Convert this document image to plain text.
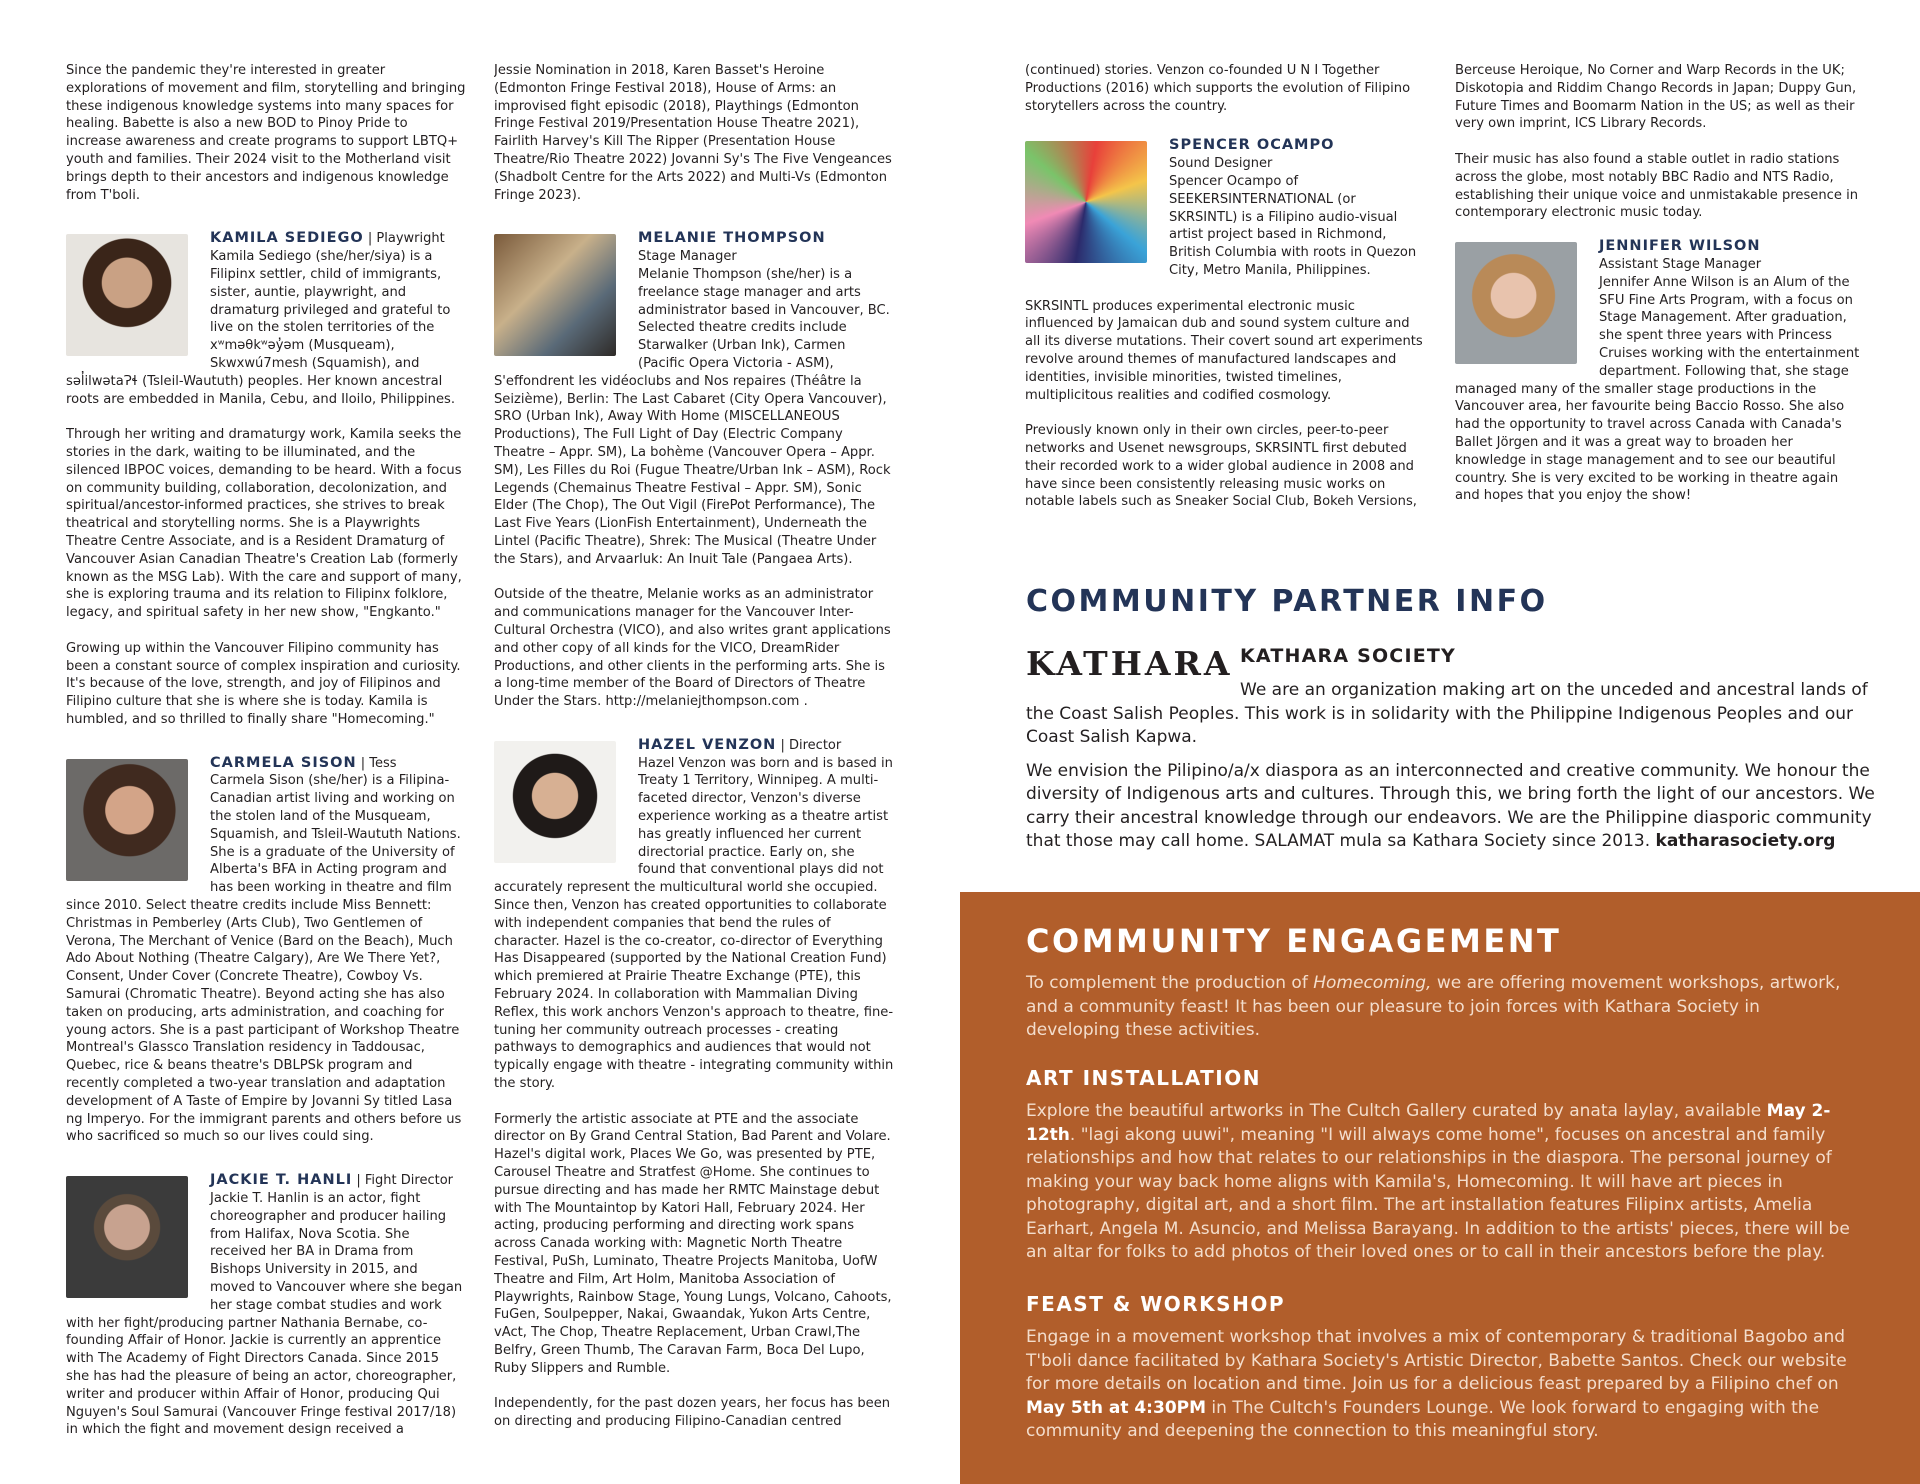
Since the pandemic they're interested in greater explorations of movement and film, storytelling and bringing these indigenous knowledge systems into many spaces for healing. Babette is also a new BOD to Pinoy Pride to increase awareness and create programs to support LBTQ+ youth and families. Their 2024 visit to the Motherland visit brings depth to their ancestors and indigenous knowledge from T'boli.

KAMILA SEDIEGO | Playwright

Kamila Sediego (she/her/siya) is a Filipinx settler, child of immigrants, sister, auntie, playwright, and dramaturg privileged and grateful to live on the stolen territories of the xʷməθkʷəy̓əm (Musqueam), Skwxwú7mesh (Squamish), and səl̓ilwətaɁɬ (Tsleil-Waututh) peoples. Her known ancestral roots are embedded in Manila, Cebu, and Iloilo, Philippines.

Through her writing and dramaturgy work, Kamila seeks the stories in the dark, waiting to be illuminated, and the silenced IBPOC voices, demanding to be heard. With a focus on community building, collaboration, decolonization, and spiritual/ancestor-informed practices, she strives to break theatrical and storytelling norms. She is a Playwrights Theatre Centre Associate, and is a Resident Dramaturg of Vancouver Asian Canadian Theatre's Creation Lab (formerly known as the MSG Lab). With the care and support of many, she is exploring trauma and its relation to Filipinx folklore, legacy, and spiritual safety in her new show, "Engkanto."

Growing up within the Vancouver Filipino community has been a constant source of complex inspiration and curiosity. It's because of the love, strength, and joy of Filipinos and Filipino culture that she is where she is today. Kamila is humbled, and so thrilled to finally share "Homecoming."

CARMELA SISON | Tess

Carmela Sison (she/her) is a Filipina-Canadian artist living and working on the stolen land of the Musqueam, Squamish, and Tsleil-Waututh Nations. She is a graduate of the University of Alberta's BFA in Acting program and has been working in theatre and film since 2010. Select theatre credits include Miss Bennett: Christmas in Pemberley (Arts Club), Two Gentlemen of Verona, The Merchant of Venice (Bard on the Beach), Much Ado About Nothing (Theatre Calgary), Are We There Yet?, Consent, Under Cover (Concrete Theatre), Cowboy Vs. Samurai (Chromatic Theatre). Beyond acting she has also taken on producing, arts administration, and coaching for young actors. She is a past participant of Workshop Theatre Montreal's Glassco Translation residency in Taddousac, Quebec, rice & beans theatre's DBLPSk program and recently completed a two-year translation and adaptation development of A Taste of Empire by Jovanni Sy titled Lasa ng Imperyo. For the immigrant parents and others before us who sacrificed so much so our lives could sing.

JACKIE T. HANLI | Fight Director

Jackie T. Hanlin is an actor, fight choreographer and producer hailing from Halifax, Nova Scotia. She received her BA in Drama from Bishops University in 2015, and moved to Vancouver where she began her stage combat studies and work with her fight/producing partner Nathania Bernabe, co-founding Affair of Honor. Jackie is currently an apprentice with The Academy of Fight Directors Canada. Since 2015 she has had the pleasure of being an actor, choreographer, writer and producer within Affair of Honor, producing Qui Nguyen's Soul Samurai (Vancouver Fringe festival 2017/18) in which the fight and movement design received a

Jessie Nomination in 2018, Karen Basset's Heroine (Edmonton Fringe Festival 2018), House of Arms: an improvised fight episodic (2018), Playthings (Edmonton Fringe Festival 2019/Presentation House Theatre 2021), Fairlith Harvey's Kill The Ripper (Presentation House Theatre/Rio Theatre 2022) Jovanni Sy's The Five Vengeances (Shadbolt Centre for the Arts 2022) and Multi-Vs (Edmonton Fringe 2023).

MELANIE THOMPSON
Stage Manager

Melanie Thompson (she/her) is a freelance stage manager and arts administrator based in Vancouver, BC. Selected theatre credits include Starwalker (Urban Ink), Carmen (Pacific Opera Victoria - ASM), S'effondrent les vidéoclubs and Nos repaires (Théâtre la Seizième), Berlin: The Last Cabaret (City Opera Vancouver), SRO (Urban Ink), Away With Home (MISCELLANEOUS Productions), The Full Light of Day (Electric Company Theatre – Appr. SM), La bohème (Vancouver Opera – Appr. SM), Les Filles du Roi (Fugue Theatre/Urban Ink – ASM), Rock Legends (Chemainus Theatre Festival – Appr. SM), Sonic Elder (The Chop), The Out Vigil (FirePot Performance), The Last Five Years (LionFish Entertainment), Underneath the Lintel (Pacific Theatre), Shrek: The Musical (Theatre Under the Stars), and Arvaarluk: An Inuit Tale (Pangaea Arts).

Outside of the theatre, Melanie works as an administrator and communications manager for the Vancouver Inter-Cultural Orchestra (VICO), and also writes grant applications and other copy of all kinds for the VICO, DreamRider Productions, and other clients in the performing arts. She is a long-time member of the Board of Directors of Theatre Under the Stars. http://melaniejthompson.com .

HAZEL VENZON | Director

Hazel Venzon was born and is based in Treaty 1 Territory, Winnipeg. A multi-faceted director, Venzon's diverse experience working as a theatre artist has greatly influenced her current directorial practice. Early on, she found that conventional plays did not accurately represent the multicultural world she occupied. Since then, Venzon has created opportunities to collaborate with independent companies that bend the rules of character. Hazel is the co-creator, co-director of Everything Has Disappeared (supported by the National Creation Fund) which premiered at Prairie Theatre Exchange (PTE), this February 2024. In collaboration with Mammalian Diving Reflex, this work anchors Venzon's approach to theatre, fine-tuning her community outreach processes - creating pathways to demographics and audiences that would not typically engage with theatre - integrating community within the story.

Formerly the artistic associate at PTE and the associate director on By Grand Central Station, Bad Parent and Volare. Hazel's digital work, Places We Go, was presented by PTE, Carousel Theatre and Stratfest @Home. She continues to pursue directing and has made her RMTC Mainstage debut with The Mountaintop by Katori Hall, February 2024. Her acting, producing performing and directing work spans across Canada working with: Magnetic North Theatre Festival, PuSh, Luminato, Theatre Projects Manitoba, UofW Theatre and Film, Art Holm, Manitoba Association of Playwrights, Rainbow Stage, Young Lungs, Volcano, Cahoots, FuGen, Soulpepper, Nakai, Gwaandak, Yukon Arts Centre, vAct, The Chop, Theatre Replacement, Urban Crawl,The Belfry, Green Thumb, The Caravan Farm, Boca Del Lupo, Ruby Slippers and Rumble.

Independently, for the past dozen years, her focus has been on directing and producing Filipino-Canadian centred

(continued) stories. Venzon co-founded U N I Together Productions (2016) which supports the evolution of Filipino storytellers across the country.

SPENCER OCAMPO
Sound Designer

Spencer Ocampo of SEEKERSINTERNATIONAL (or SKRSINTL) is a Filipino audio-visual artist project based in Richmond, British Columbia with roots in Quezon City, Metro Manila, Philippines.

SKRSINTL produces experimental electronic music influenced by Jamaican dub and sound system culture and all its diverse mutations. Their covert sound art experiments revolve around themes of manufactured landscapes and identities, invisible minorities, twisted timelines, multiplicitous realities and codified cosmology.

Previously known only in their own circles, peer-to-peer networks and Usenet newsgroups, SKRSINTL first debuted their recorded work to a wider global audience in 2008 and have since been consistently releasing music works on notable labels such as Sneaker Social Club, Bokeh Versions,

Berceuse Heroique, No Corner and Warp Records in the UK; Diskotopia and Riddim Chango Records in Japan; Duppy Gun, Future Times and Boomarm Nation in the US; as well as their very own imprint, ICS Library Records.

Their music has also found a stable outlet in radio stations across the globe, most notably BBC Radio and NTS Radio, establishing their unique voice and unmistakable presence in contemporary electronic music today.

JENNIFER WILSON
Assistant Stage Manager

Jennifer Anne Wilson is an Alum of the SFU Fine Arts Program, with a focus on Stage Management. After graduation, she spent three years with Princess Cruises working with the entertainment department. Following that, she stage managed many of the smaller stage productions in the Vancouver area, her favourite being Baccio Rosso. She also had the opportunity to travel across Canada with Canada's Ballet Jörgen and it was a great way to broaden her knowledge in stage management and to see our beautiful country. She is very excited to be working in theatre again and hopes that you enjoy the show!

COMMUNITY PARTNER INFO
KATHARA KATHARA SOCIETY

We are an organization making art on the unceded and ancestral lands of the Coast Salish Peoples. This work is in solidarity with the Philippine Indigenous Peoples and our Coast Salish Kapwa.

We envision the Pilipino/a/x diaspora as an interconnected and creative community. We honour the diversity of Indigenous arts and cultures. Through this, we bring forth the light of our ancestors. We carry their ancestral knowledge through our endeavors. We are the Philippine diasporic community that those may call home. SALAMAT mula sa Kathara Society since 2013. katharasociety.org

COMMUNITY ENGAGEMENT
To complement the production of Homecoming, we are offering movement workshops, artwork, and a community feast! It has been our pleasure to join forces with Kathara Society in developing these activities.
ART INSTALLATION
Explore the beautiful artworks in The Cultch Gallery curated by anata laylay, available May 2-12th. "lagi akong uuwi", meaning "I will always come home", focuses on ancestral and family relationships and how that relates to our relationships in the diaspora. The personal journey of making your way back home aligns with Kamila's, Homecoming. It will have art pieces in photography, digital art, and a short film. The art installation features Filipinx artists, Amelia Earhart, Angela M. Asuncio, and Melissa Barayang. In addition to the artists' pieces, there will be an altar for folks to add photos of their loved ones or to call in their ancestors before the play.
FEAST & WORKSHOP
Engage in a movement workshop that involves a mix of contemporary & traditional Bagobo and T'boli dance facilitated by Kathara Society's Artistic Director, Babette Santos. Check our website for more details on location and time. Join us for a delicious feast prepared by a Filipino chef on May 5th at 4:30PM in The Cultch's Founders Lounge. We look forward to engaging with the community and deepening the connection to this meaningful story.
